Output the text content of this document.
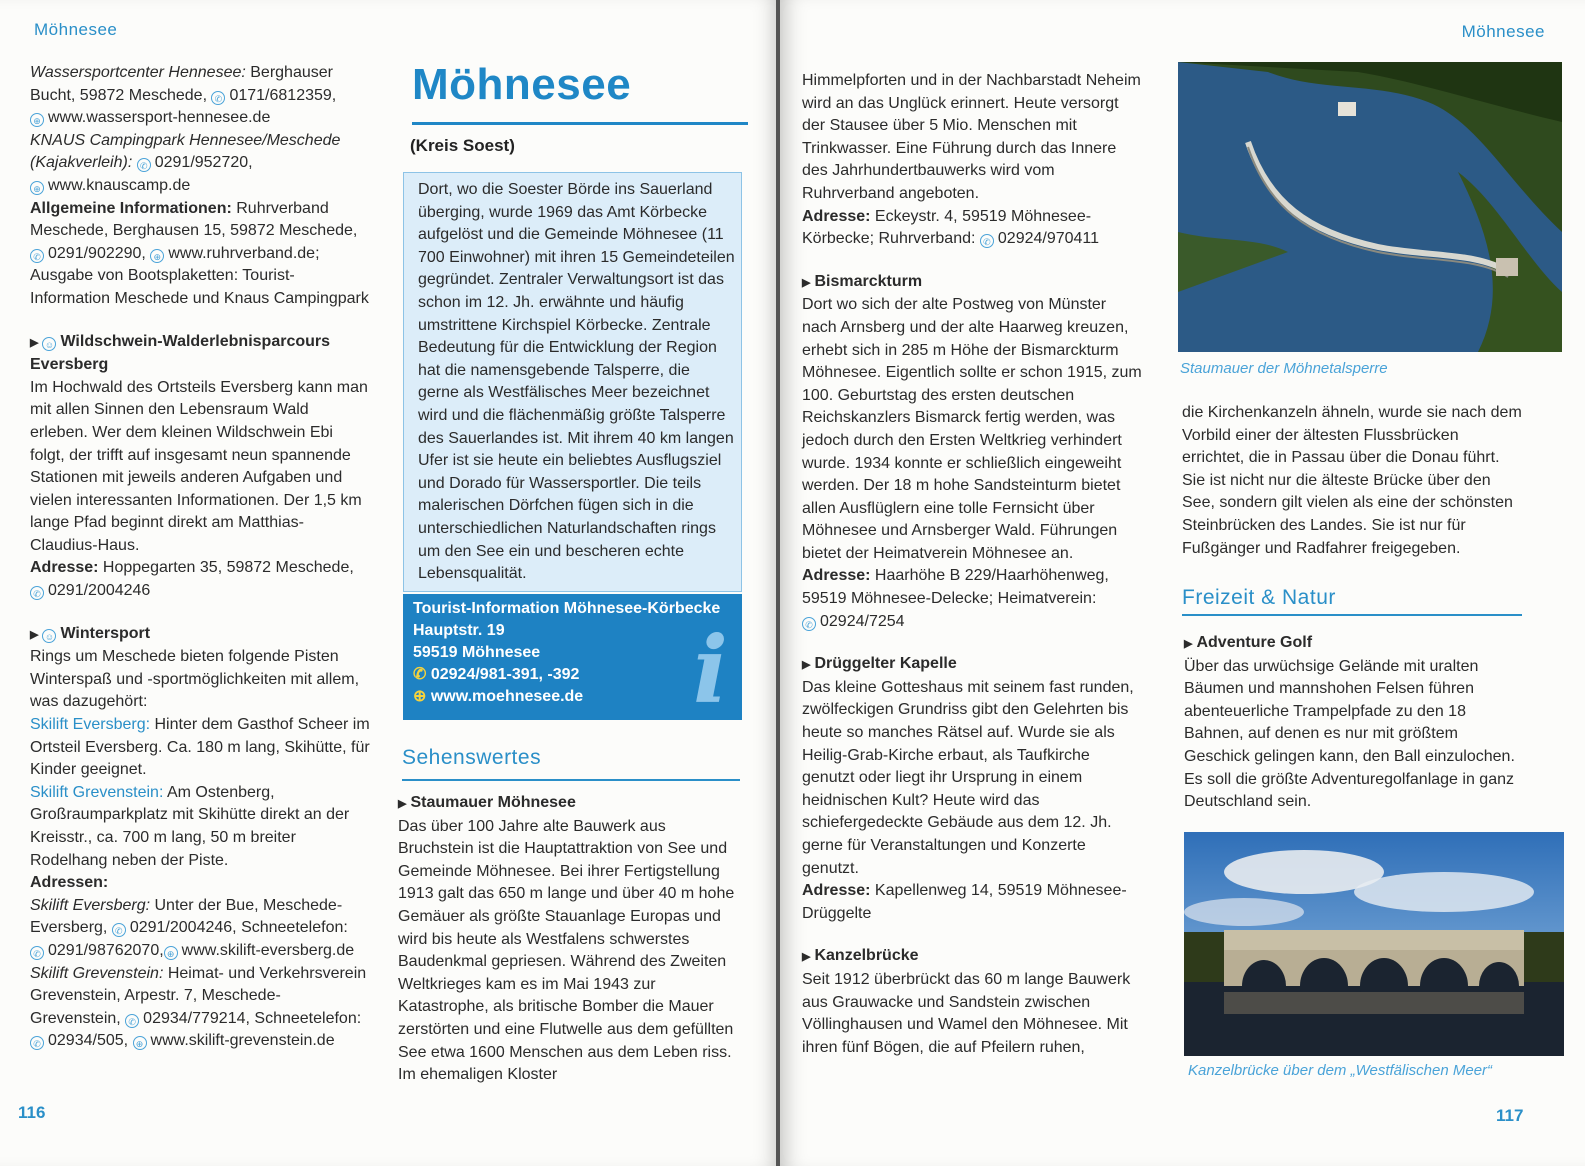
Möhnesee

Wassersportcenter Hennesee: Berghauser Bucht, 59872 Meschede, ✆ 0171/6812359,
⊕ www.wassersport-hennesee.de
KNAUS Campingpark Hennesee/Meschede (Kajakverleih): ✆ 0291/952720,
⊕ www.knauscamp.de
Allgemeine Informationen: Ruhrverband Meschede, Berghausen 15, 59872 Meschede, ✆ 0291/902290, ⊕ www.ruhrverband.de; Ausgabe von Bootsplaketten: Tourist-Information Meschede und Knaus Campingpark

▶ ☺ Wildschwein-Walderlebnisparcours Eversberg

Im Hochwald des Ortsteils Eversberg kann man mit allen Sinnen den Lebensraum Wald erleben. Wer dem kleinen Wildschwein Ebi folgt, der trifft auf insgesamt neun spannende Stationen mit jeweils anderen Aufgaben und vielen interessanten Informationen. Der 1,5 km lange Pfad beginnt direkt am Matthias-Claudius-Haus.

Adresse: Hoppegarten 35, 59872 Meschede,
✆ 0291/2004246

▶ ☺ Wintersport

Rings um Meschede bieten folgende Pisten Winterspaß und -sportmöglichkeiten mit allem, was dazugehört:

Skilift Eversberg: Hinter dem Gasthof Scheer im Ortsteil Eversberg. Ca. 180 m lang, Skihütte, für Kinder geeignet.

Skilift Grevenstein: Am Ostenberg, Großraumparkplatz mit Skihütte direkt an der Kreisstr., ca. 700 m lang, 50 m breiter Rodelhang neben der Piste.

Adressen:

Skilift Eversberg: Unter der Bue, Meschede-Eversberg, ✆ 0291/2004246, Schneetelefon: ✆ 0291/98762070, ⊕ www.skilift-eversberg.de

Skilift Grevenstein: Heimat- und Verkehrsverein Grevenstein, Arpestr. 7, Meschede-Grevenstein, ✆ 02934/779214, Schneetelefon: ✆ 02934/505, ⊕ www.skilift-grevenstein.de

Möhnesee
(Kreis Soest)

Dort, wo die Soester Börde ins Sauerland überging, wurde 1969 das Amt Körbecke aufgelöst und die Gemeinde Möhnesee (11 700 Einwohner) mit ihren 15 Gemeindeteilen gegründet. Zentraler Verwaltungsort ist das schon im 12. Jh. erwähnte und häufig umstrittene Kirchspiel Körbecke. Zentrale Bedeutung für die Entwicklung der Region hat die namensgebende Talsperre, die gerne als Westfälisches Meer bezeichnet wird und die flächenmäßig größte Talsperre des Sauerlandes ist. Mit ihrem 40 km langen Ufer ist sie heute ein beliebtes Ausflugsziel und Dorado für Wassersportler. Die teils malerischen Dörfchen fügen sich in die unterschiedlichen Naturlandschaften rings um den See ein und bescheren echte Lebensqualität.

Tourist-Information Möhnesee-Körbecke
Hauptstr. 19
59519 Möhnesee
✆ 02924/981-391, -392
⊕ www.moehnesee.de	i
Sehenswertes

▶ Staumauer Möhnesee

Das über 100 Jahre alte Bauwerk aus Bruchstein ist die Hauptattraktion von See und Gemeinde Möhnesee. Bei ihrer Fertigstellung 1913 galt das 650 m lange und über 40 m hohe Gemäuer als größte Stauanlage Europas und wird bis heute als Westfalens schwerstes Baudenkmal gepriesen. Während des Zweiten Weltkrieges kam es im Mai 1943 zur Katastrophe, als britische Bomber die Mauer zerstörten und eine Flutwelle aus dem gefüllten See etwa 1600 Menschen aus dem Leben riss. Im ehemaligen Kloster

116
Möhnesee

Himmelpforten und in der Nachbarstadt Neheim wird an das Unglück erinnert. Heute versorgt der Stausee über 5 Mio. Menschen mit Trinkwasser. Eine Führung durch das Innere des Jahrhundertbauwerks wird vom Ruhrverband angeboten.

Adresse: Eckeystr. 4, 59519 Möhnesee-Körbecke; Ruhrverband: ✆ 02924/970411

▶ Bismarckturm

Dort wo sich der alte Postweg von Münster nach Arnsberg und der alte Haarweg kreuzen, erhebt sich in 285 m Höhe der Bismarckturm Möhnesee. Eigentlich sollte er schon 1915, zum 100. Geburtstag des ersten deutschen Reichskanzlers Bismarck fertig werden, was jedoch durch den Ersten Weltkrieg verhindert wurde. 1934 konnte er schließlich eingeweiht werden. Der 18 m hohe Sandsteinturm bietet allen Ausflüglern eine tolle Fernsicht über Möhnesee und Arnsberger Wald. Führungen bietet der Heimatverein Möhnesee an.

Adresse: Haarhöhe B 229/Haarhöhenweg, 59519 Möhnesee-Delecke; Heimatverein:
✆ 02924/7254

▶ Drüggelter Kapelle

Das kleine Gotteshaus mit seinem fast runden, zwölfeckigen Grundriss gibt den Gelehrten bis heute so manches Rätsel auf. Wurde sie als Heilig-Grab-Kirche erbaut, als Taufkirche genutzt oder liegt ihr Ursprung in einem heidnischen Kult? Heute wird das schiefergedeckte Gebäude aus dem 12. Jh. gerne für Veranstaltungen und Konzerte genutzt.

Adresse: Kapellenweg 14, 59519 Möhnesee-Drüggelte

▶ Kanzelbrücke

Seit 1912 überbrückt das 60 m lange Bauwerk aus Grauwacke und Sandstein zwischen Völlinghausen und Wamel den Möhnesee. Mit ihren fünf Bögen, die auf Pfeilern ruhen,

Staumauer der Möhnetalsperre

die Kirchenkanzeln ähneln, wurde sie nach dem Vorbild einer der ältesten Flussbrücken errichtet, die in Passau über die Donau führt. Sie ist nicht nur die älteste Brücke über den See, sondern gilt vielen als eine der schönsten Steinbrücken des Landes. Sie ist nur für Fußgänger und Radfahrer freigegeben.

Freizeit & Natur

▶ Adventure Golf

Über das urwüchsige Gelände mit uralten Bäumen und mannshohen Felsen führen abenteuerliche Trampelpfade zu den 18 Bahnen, auf denen es nur mit größtem Geschick gelingen kann, den Ball einzulochen. Es soll die größte Adventuregolfanlage in ganz Deutschland sein.

Kanzelbrücke über dem „Westfälischen Meer“
117
